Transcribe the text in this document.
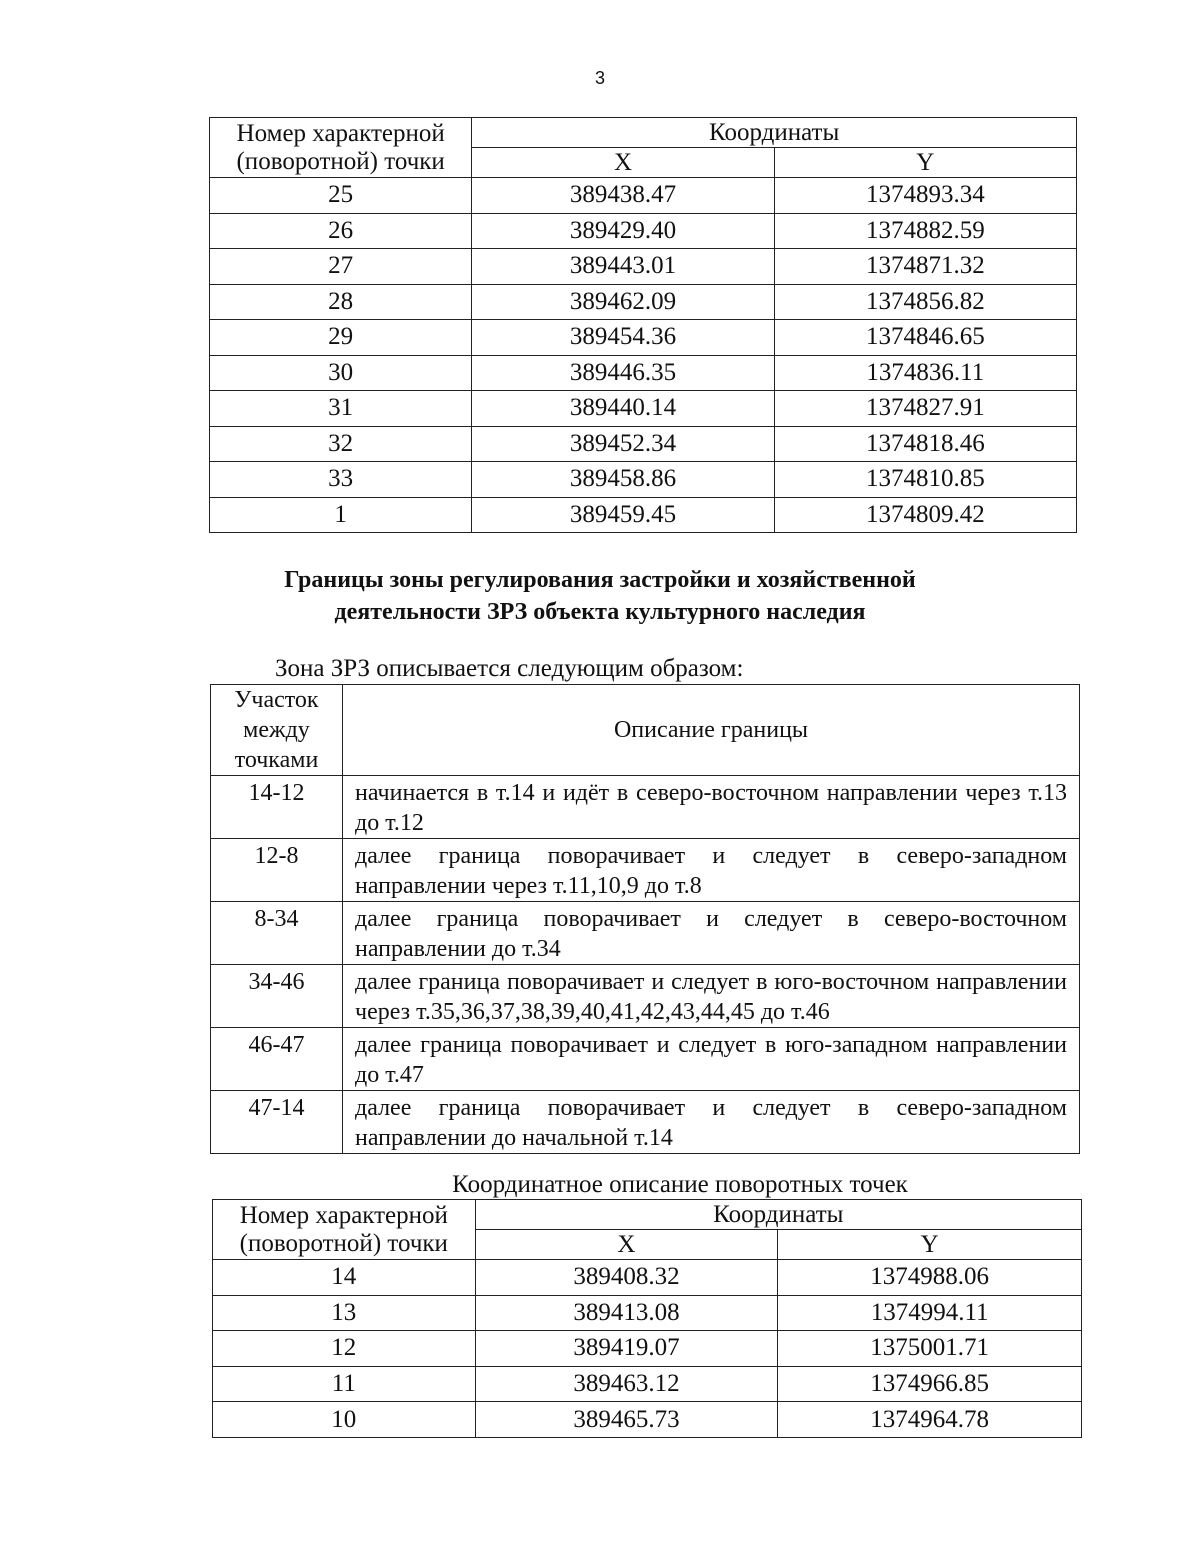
3
Номер характерной
(поворотной) точки	Координаты	
	X	Y
25	389438.47	1374893.34
26	389429.40	1374882.59
27	389443.01	1374871.32
28	389462.09	1374856.82
29	389454.36	1374846.65
30	389446.35	1374836.11
31	389440.14	1374827.91
32	389452.34	1374818.46
33	389458.86	1374810.85
1	389459.45	1374809.42
Границы зоны регулирования застройки и хозяйственной
деятельности ЗРЗ объекта культурного наследия
Зона ЗРЗ описывается следующим образом:
Участок
между
точками	Описание границы
14-12	начинается в т.14 и идёт в северо-восточном направлении через т.13 до т.12
12-8	далее граница поворачивает и следует в северо-западном направлении через т.11,10,9 до т.8
8-34	далее граница поворачивает и следует в северо-восточном направлении до т.34
34-46	далее граница поворачивает и следует в юго-восточном направлении через т.35,36,37,38,39,40,41,42,43,44,45 до т.46
46-47	далее граница поворачивает и следует в юго-западном направлении до т.47
47-14	далее граница поворачивает и следует в северо-западном направлении до начальной т.14
Координатное описание поворотных точек
Номер характерной
(поворотной) точки	Координаты	
	X	Y
14	389408.32	1374988.06
13	389413.08	1374994.11
12	389419.07	1375001.71
11	389463.12	1374966.85
10	389465.73	1374964.78
